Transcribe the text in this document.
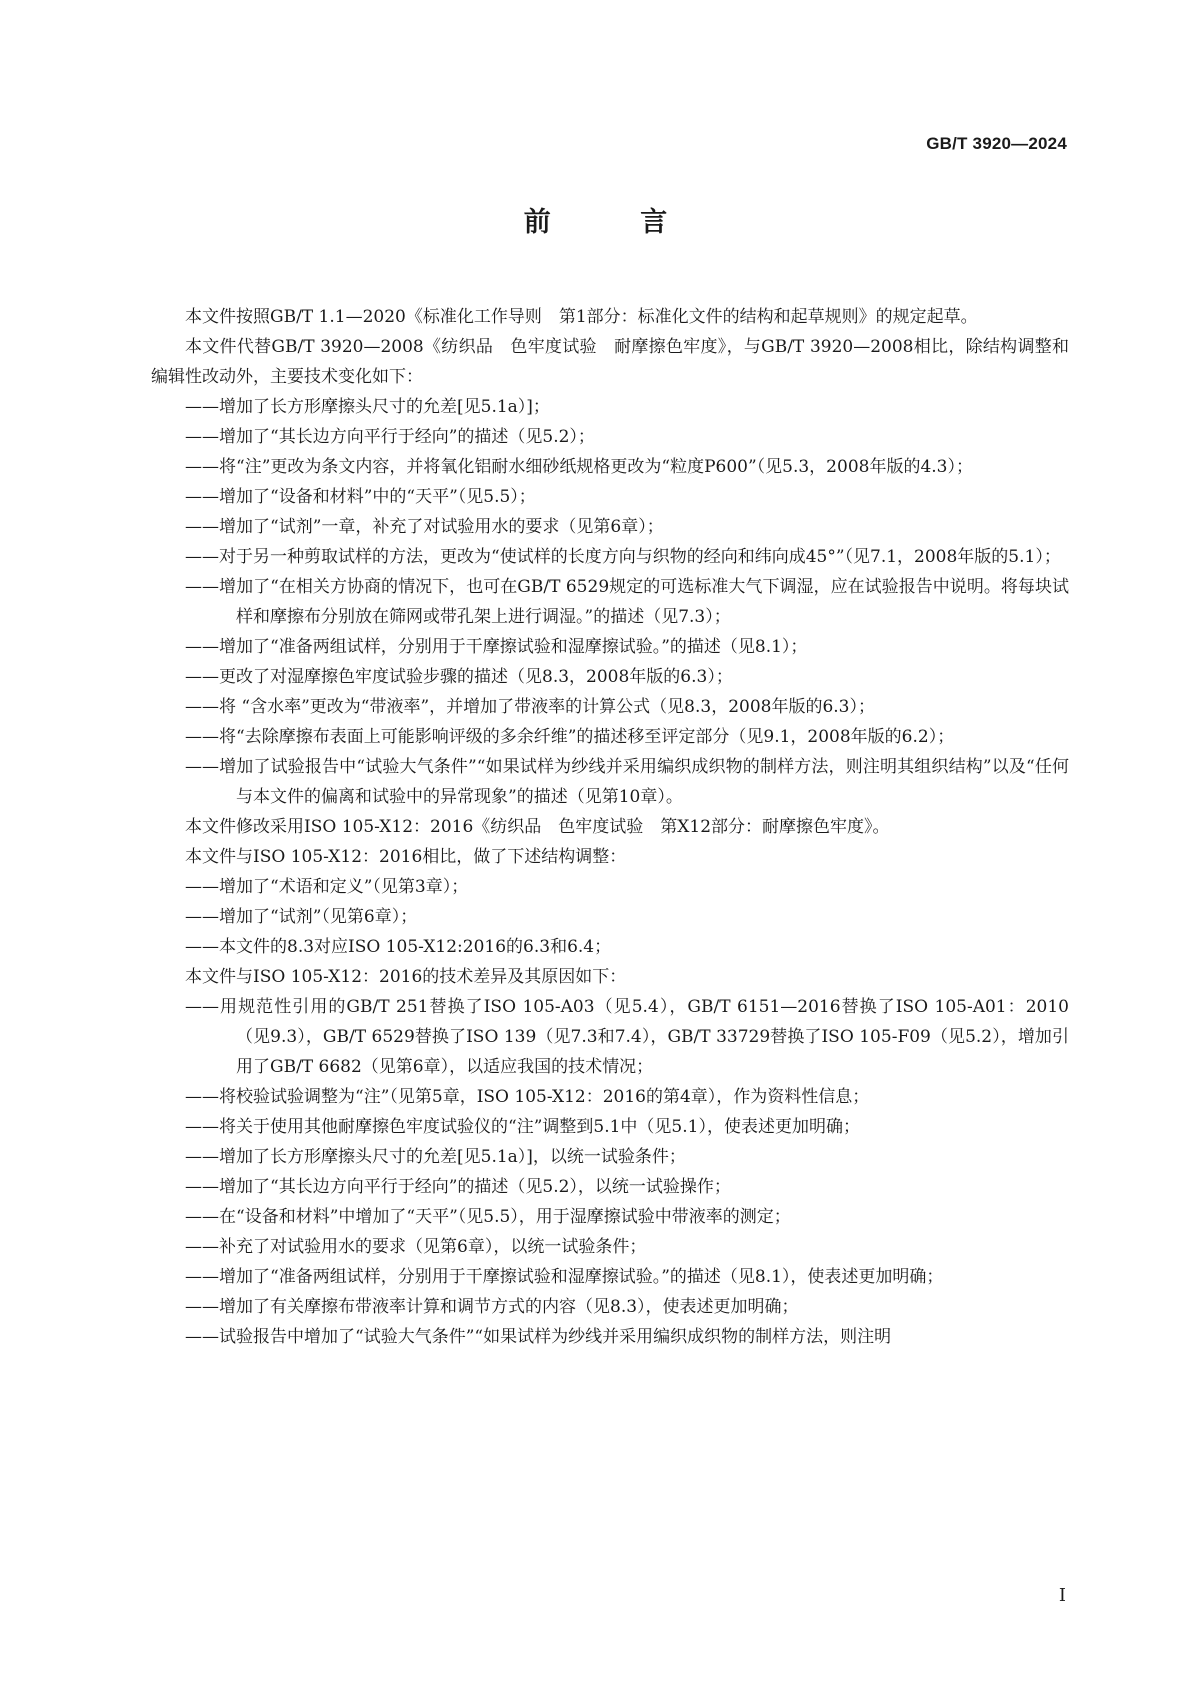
GB/T 3920—2024
前 言

本文件按照GB/T 1.1—2020《标准化工作导则　第1部分：标准化文件的结构和起草规则》的规定起草。

本文件代替GB/T 3920—2008《纺织品　色牢度试验　耐摩擦色牢度》，与GB/T 3920—2008相比，除结构调整和编辑性改动外，主要技术变化如下：

——增加了长方形摩擦头尺寸的允差[见5.1a）]；

——增加了“其长边方向平行于经向”的描述（见5.2）；

——将“注”更改为条文内容，并将氧化铝耐水细砂纸规格更改为“粒度P600”（见5.3，2008年版的4.3）；

——增加了“设备和材料”中的“天平”（见5.5）；

——增加了“试剂”一章，补充了对试验用水的要求（见第6章）；

——对于另一种剪取试样的方法，更改为“使试样的长度方向与织物的经向和纬向成45°”（见7.1，2008年版的5.1）；

——增加了“在相关方协商的情况下，也可在GB/T 6529规定的可选标准大气下调湿，应在试验报告中说明。将每块试样和摩擦布分别放在筛网或带孔架上进行调湿。”的描述（见7.3）；

——增加了“准备两组试样，分别用于干摩擦试验和湿摩擦试验。”的描述（见8.1）；

——更改了对湿摩擦色牢度试验步骤的描述（见8.3，2008年版的6.3）；

——将 “含水率”更改为“带液率”，并增加了带液率的计算公式（见8.3，2008年版的6.3）；

——将“去除摩擦布表面上可能影响评级的多余纤维”的描述移至评定部分（见9.1，2008年版的6.2）；

——增加了试验报告中“试验大气条件”“如果试样为纱线并采用编织成织物的制样方法，则注明其组织结构”以及“任何与本文件的偏离和试验中的异常现象”的描述（见第10章）。

本文件修改采用ISO 105-X12：2016《纺织品　色牢度试验　第X12部分：耐摩擦色牢度》。

本文件与ISO 105-X12：2016相比，做了下述结构调整：

——增加了“术语和定义”（见第3章）；

——增加了“试剂”（见第6章）；

——本文件的8.3对应ISO 105-X12:2016的6.3和6.4；

本文件与ISO 105-X12：2016的技术差异及其原因如下：

——用规范性引用的GB/T 251替换了ISO 105-A03（见5.4），GB/T 6151—2016替换了ISO 105-A01：2010（见9.3），GB/T 6529替换了ISO 139（见7.3和7.4），GB/T 33729替换了ISO 105-F09（见5.2），增加引用了GB/T 6682（见第6章），以适应我国的技术情况；

——将校验试验调整为“注”（见第5章，ISO 105-X12：2016的第4章），作为资料性信息；

——将关于使用其他耐摩擦色牢度试验仪的“注”调整到5.1中（见5.1），使表述更加明确；

——增加了长方形摩擦头尺寸的允差[见5.1a）]，以统一试验条件；

——增加了“其长边方向平行于经向”的描述（见5.2），以统一试验操作；

——在“设备和材料”中增加了“天平”（见5.5），用于湿摩擦试验中带液率的测定；

——补充了对试验用水的要求（见第6章），以统一试验条件；

——增加了“准备两组试样，分别用于干摩擦试验和湿摩擦试验。”的描述（见8.1），使表述更加明确；

——增加了有关摩擦布带液率计算和调节方式的内容（见8.3），使表述更加明确；

——试验报告中增加了“试验大气条件”“如果试样为纱线并采用编织成织物的制样方法，则注明

I
